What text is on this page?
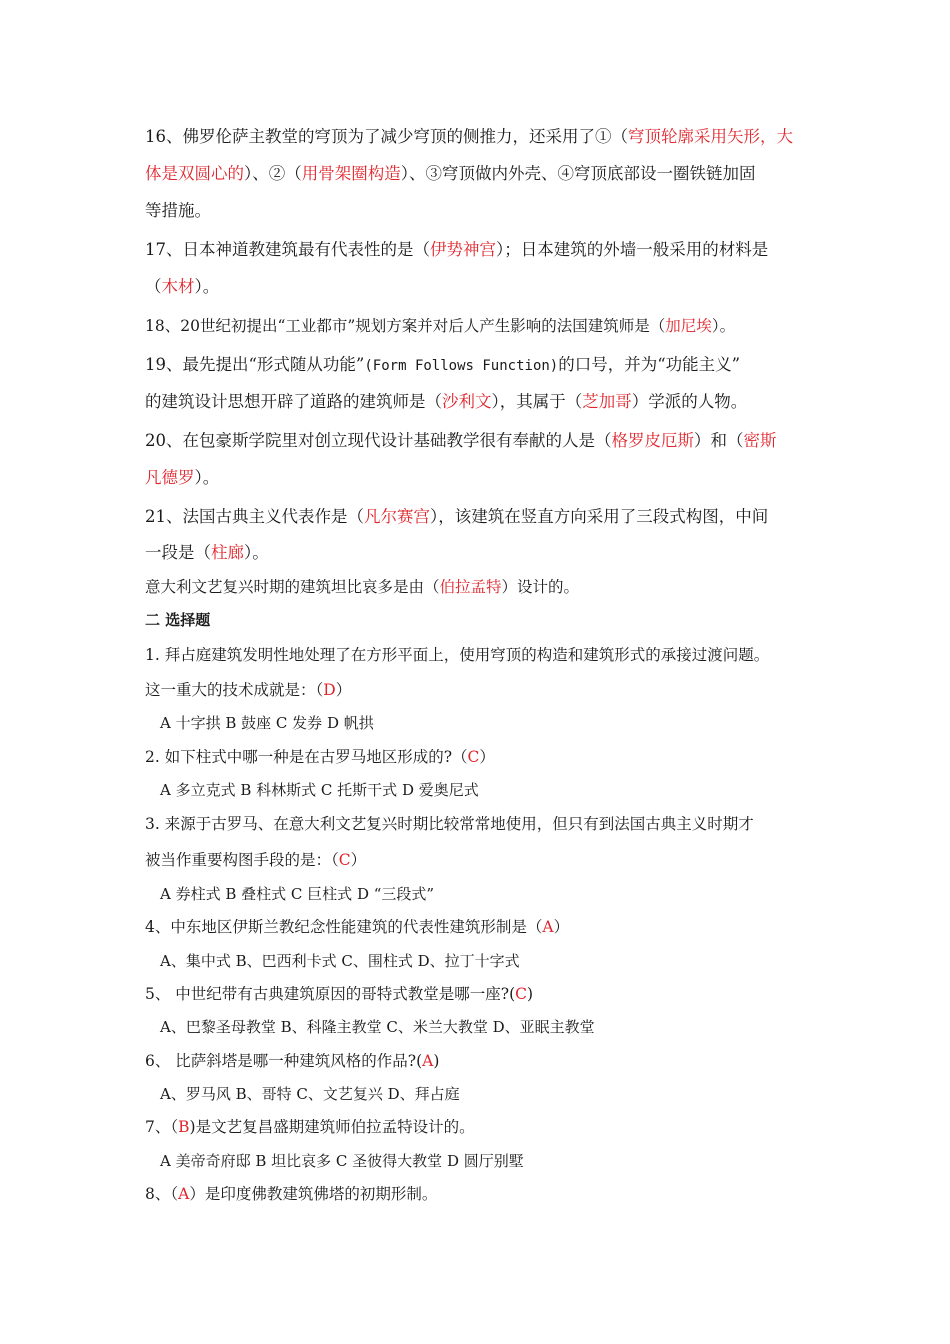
16、佛罗伦萨主教堂的穹顶为了减少穹顶的侧推力，还采用了①（穹顶轮廓采用矢形，大
体是双圆心的）、②（用骨架圈构造）、③穹顶做内外壳、④穹顶底部设一圈铁链加固
等措施。
17、日本神道教建筑最有代表性的是（伊势神宫）；日本建筑的外墙一般采用的材料是
（木材）。
18、20世纪初提出“工业都市”规划方案并对后人产生影响的法国建筑师是（加尼埃）。
19、最先提出“形式随从功能”(Form Follows Function)的口号，并为“功能主义”
的建筑设计思想开辟了道路的建筑师是（沙利文），其属于（芝加哥）学派的人物。
20、在包豪斯学院里对创立现代设计基础教学很有奉献的人是（格罗皮厄斯）和（密斯
凡德罗）。
21、法国古典主义代表作是（凡尔赛宫），该建筑在竖直方向采用了三段式构图，中间
一段是（柱廊）。
意大利文艺复兴时期的建筑坦比哀多是由（伯拉孟特）设计的。
二 选择题
1. 拜占庭建筑发明性地处理了在方形平面上，使用穹顶的构造和建筑形式的承接过渡问题。
这一重大的技术成就是：（D）
A 十字拱 B 鼓座 C 发券 D 帆拱
2. 如下柱式中哪一种是在古罗马地区形成的?（C）
A 多立克式 B 科林斯式 C 托斯干式 D 爱奥尼式
3. 来源于古罗马、在意大利文艺复兴时期比较常常地使用，但只有到法国古典主义时期才
被当作重要构图手段的是：（C）
A 券柱式 B 叠柱式 C 巨柱式 D “三段式”
4、中东地区伊斯兰教纪念性能建筑的代表性建筑形制是（A）
A、集中式 B、巴西利卡式 C、围柱式 D、拉丁十字式
5、 中世纪带有古典建筑原因的哥特式教堂是哪一座?(C)
A、巴黎圣母教堂 B、科隆主教堂 C、米兰大教堂 D、亚眠主教堂
6、 比萨斜塔是哪一种建筑风格的作品?(A)
A、罗马风 B、哥特 C、文艺复兴 D、拜占庭
7、（B)是文艺复昌盛期建筑师伯拉孟特设计的。
A 美帝奇府邸 B 坦比哀多 C 圣彼得大教堂 D 圆厅别墅
8、（A）是印度佛教建筑佛塔的初期形制。
